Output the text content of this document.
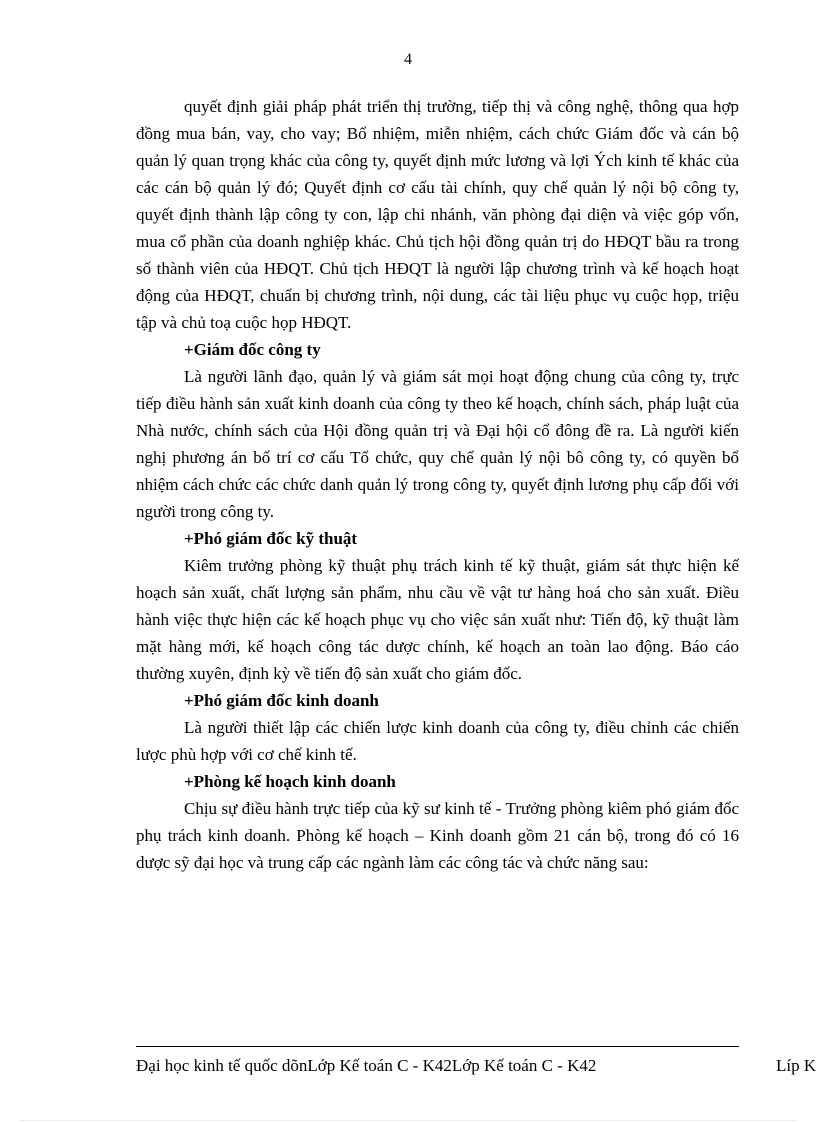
4

quyết định giải pháp phát triển thị trường, tiếp thị và công nghệ, thông qua hợp đồng mua bán, vay, cho vay; Bổ nhiệm, miễn nhiệm, cách chức Giám đốc và cán bộ quản lý quan trọng khác của công ty, quyết định mức lương và lợi Ých kinh tế khác của các cán bộ quản lý đó; Quyết định cơ cấu tài chính, quy chế quản lý nội bộ công ty, quyết định thành lập công ty con, lập chi nhánh, văn phòng đại diện và việc góp vốn, mua cổ phần của doanh nghiệp khác. Chủ tịch hội đồng quản trị do HĐQT bầu ra trong số thành viên của HĐQT. Chủ tịch HĐQT là người lập chương trình và kế hoạch hoạt động của HĐQT, chuẩn bị chương trình, nội dung, các tài liệu phục vụ cuộc họp, triệu tập và chủ toạ cuộc họp HĐQT.

+Giám đốc công ty

Là người lãnh đạo, quản lý và giám sát mọi hoạt động chung của công ty, trực tiếp điều hành sản xuất kinh doanh của công ty theo kế hoạch, chính sách, pháp luật của Nhà nước, chính sách của Hội đồng quản trị và Đại hội cổ đông đề ra. Là người kiến nghị phương án bố trí cơ cấu Tổ chức, quy chế quản lý nội bô công ty, có quyền bổ nhiệm cách chức các chức danh quản lý trong công ty, quyết định lương phụ cấp đối với người trong công ty.

+Phó giám đốc kỹ thuật

Kiêm trưởng phòng kỹ thuật phụ trách kinh tế kỹ thuật, giám sát thực hiện kế hoạch sản xuất, chất lượng sản phẩm, nhu cầu về vật tư hàng hoá cho sản xuất. Điều hành việc thực hiện các kế hoạch phục vụ cho việc sản xuất như: Tiến độ, kỹ thuật làm mặt hàng mới, kế hoạch công tác dược chính, kế hoạch an toàn lao động. Báo cáo thường xuyên, định kỳ về tiến độ sản xuất cho giám đốc.

+Phó giám đốc kinh doanh

Là người thiết lập các chiến lược kinh doanh của công ty, điều chỉnh các chiến lược phù hợp với cơ chế kinh tế.

+Phòng kế hoạch kinh doanh

Chịu sự điều hành trực tiếp của kỹ sư kinh tế - Trưởng phòng kiêm phó giám đốc phụ trách kinh doanh. Phòng kế hoạch – Kinh doanh gồm 21 cán bộ, trong đó có 16 dược sỹ đại học và trung cấp các ngành làm các công tác và chức năng sau:

Đại học kinh tế quốc dõnLớp Kế toán C - K42Lớp Kế toán C - K42	Líp K
